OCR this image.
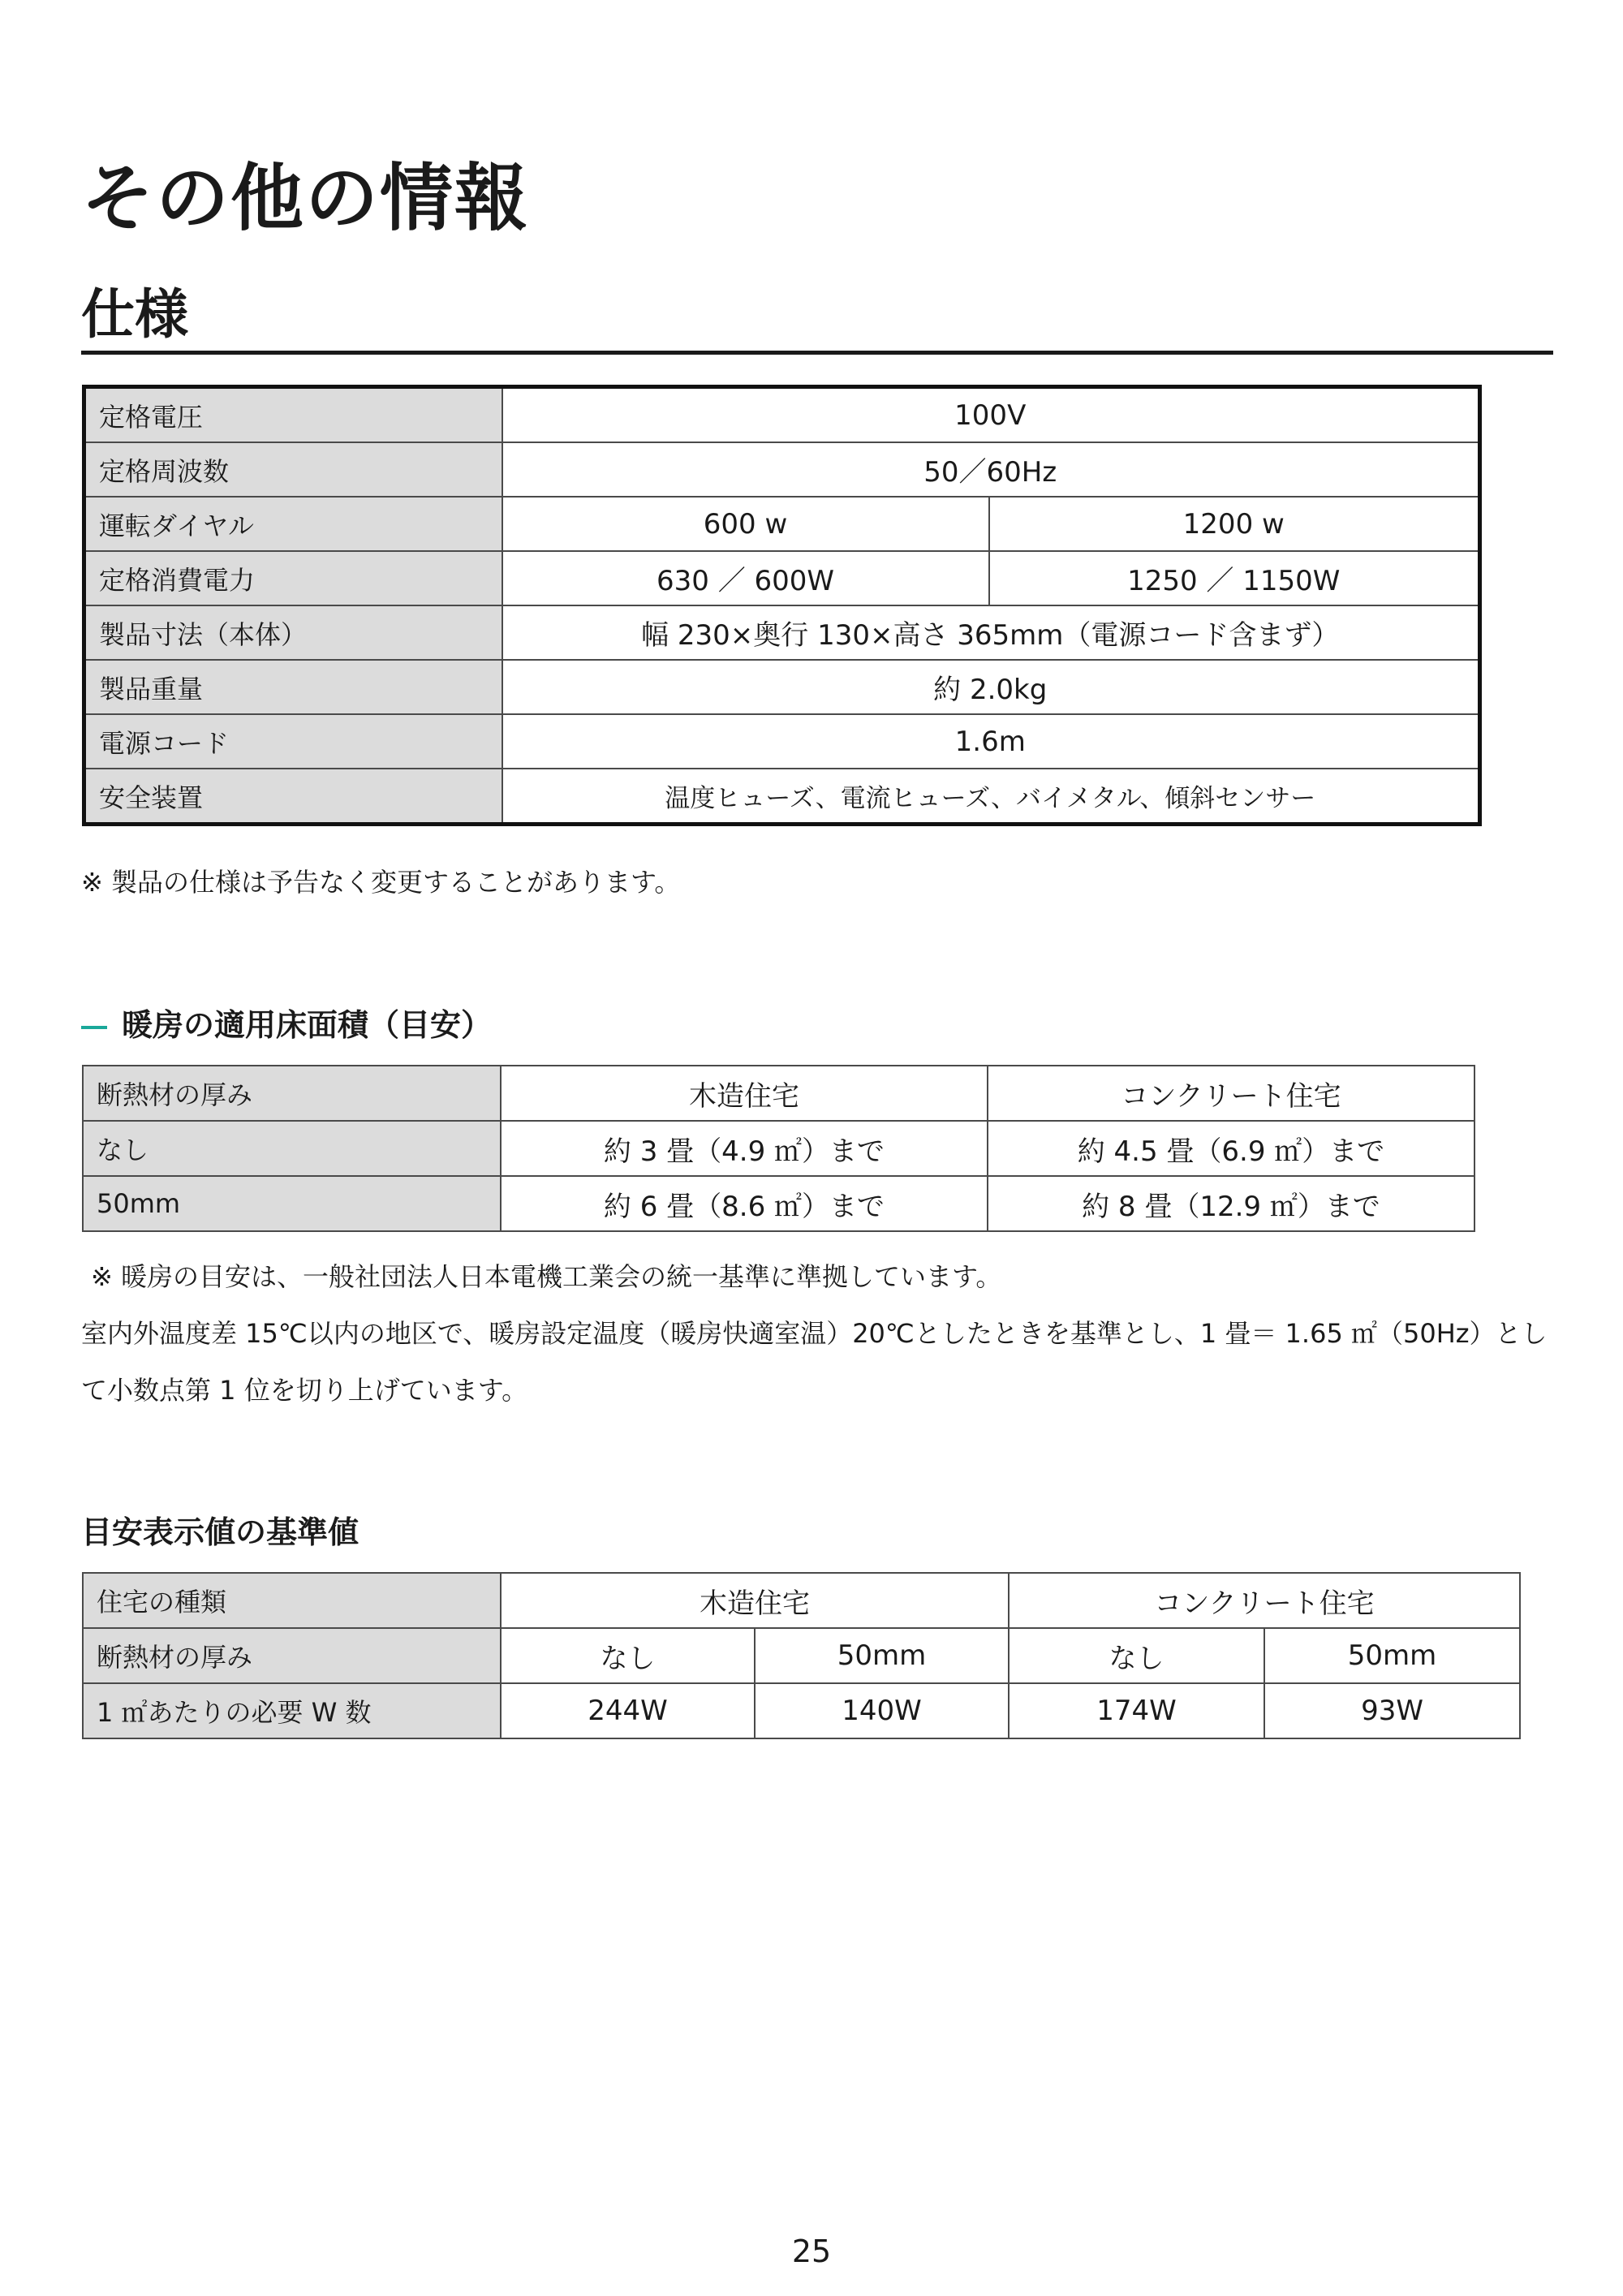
その他の情報
仕様
定格電圧	100V	
定格周波数	50／60Hz	
運転ダイヤル	600 w	1200 w
定格消費電力	630 ／ 600W	1250 ／ 1150W
製品寸法（本体）	幅 230×奥行 130×高さ 365mm（電源コード含まず）	
製品重量	約 2.0kg	
電源コード	1.6m	
安全装置	温度ヒューズ、電流ヒューズ、バイメタル、傾斜センサー	
※ 製品の仕様は予告なく変更することがあります。
暖房の適用床面積（目安）
断熱材の厚み	木造住宅	コンクリート住宅
なし	約 3 畳（4.9 ㎡）まで	約 4.5 畳（6.9 ㎡）まで
50mm	約 6 畳（8.6 ㎡）まで	約 8 畳（12.9 ㎡）まで
※ 暖房の目安は、一般社団法人日本電機工業会の統一基準に準拠しています。
室内外温度差 15℃以内の地区で、暖房設定温度（暖房快適室温）20℃としたときを基準とし、1 畳＝ 1.65 ㎡（50Hz）とし
て小数点第 1 位を切り上げています。
目安表示値の基準値
住宅の種類	木造住宅		コンクリート住宅	
断熱材の厚み	なし	50mm	なし	50mm
1 ㎡あたりの必要 W 数	244W	140W	174W	93W
25
